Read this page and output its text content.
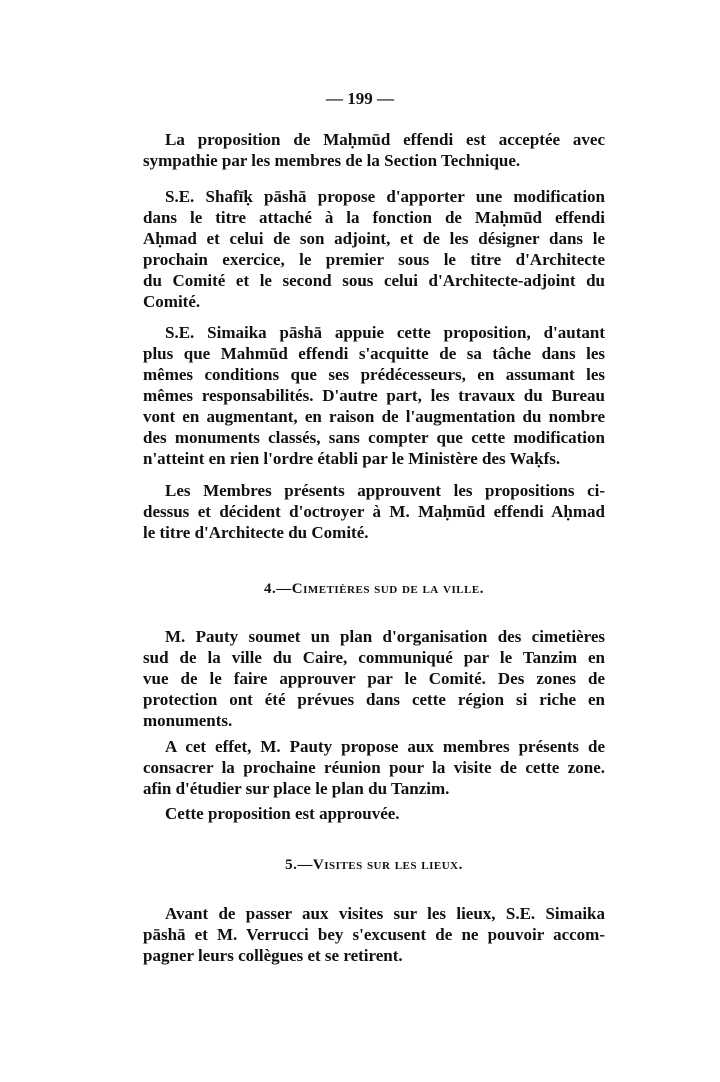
— 199 —
La proposition de Maḥmūd effendi est acceptée avec
sympathie par les membres de la Section Technique.
S.E. Shafīḳ pāshā propose d'apporter une modification
dans le titre attaché à la fonction de Maḥmūd effendi
Aḥmad et celui de son adjoint, et de les désigner dans le
prochain exercice, le premier sous le titre d'Architecte
du Comité et le second sous celui d'Architecte-adjoint du
Comité.
S.E. Simaika pāshā appuie cette proposition, d'autant
plus que Mahmūd effendi s'acquitte de sa tâche dans les
mêmes conditions que ses prédécesseurs, en assumant les
mêmes responsabilités. D'autre part, les travaux du Bureau
vont en augmentant, en raison de l'augmentation du nombre
des monuments classés, sans compter que cette modification
n'atteint en rien l'ordre établi par le Ministère des Waḳfs.
Les Membres présents approuvent les propositions ci-
dessus et décident d'octroyer à M. Maḥmūd effendi Aḥmad
le titre d'Architecte du Comité.
4.—Cimetières sud de la ville.
M. Pauty soumet un plan d'organisation des cimetières
sud de la ville du Caire, communiqué par le Tanzim en
vue de le faire approuver par le Comité. Des zones de
protection ont été prévues dans cette région si riche en
monuments.
A cet effet, M. Pauty propose aux membres présents de
consacrer la prochaine réunion pour la visite de cette zone.
afin d'étudier sur place le plan du Tanzim.
Cette proposition est approuvée.
5.—Visites sur les lieux.
Avant de passer aux visites sur les lieux, S.E. Simaika
pāshā et M. Verrucci bey s'excusent de ne pouvoir accom-
pagner leurs collègues et se retirent.
